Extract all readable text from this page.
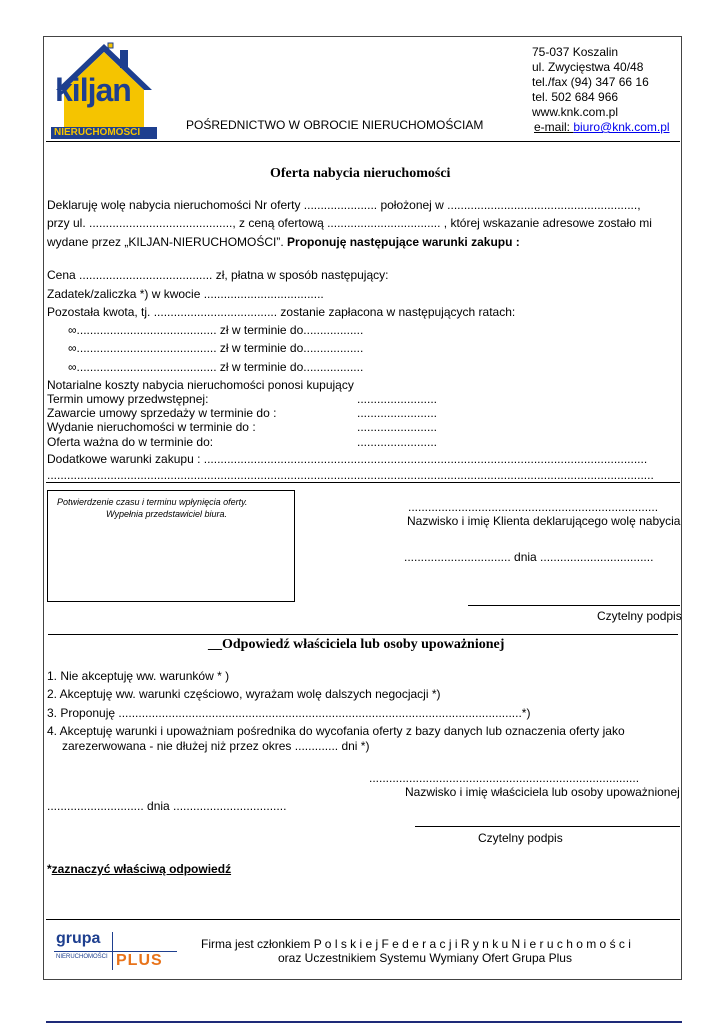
kiljan
NIERUCHOMOŚCI
POŚREDNICTWO W OBROCIE NIERUCHOMOŚCIAM
75-037 Koszalin
ul. Zwycięstwa 40/48
tel./fax (94) 347 66 16
tel. 502 684 966
www.knk.com.pl
e-mail: biuro@knk.com.pl
Oferta nabycia nieruchomości
Deklaruję wolę nabycia nieruchomości Nr oferty ...................... położonej w .........................................................,
przy ul. ..........................................., z ceną ofertową .................................. , której wskazanie adresowe zostało mi
wydane przez „KILJAN-NIERUCHOMOŚCI”. Proponuję następujące warunki zakupu :
Cena ........................................ zł, płatna w sposób następujący:
Zadatek/zaliczka *) w kwocie ....................................
Pozostała kwota, tj. ..................................... zostanie zapłacona w następujących ratach:
∞.......................................... zł w terminie do..................
∞.......................................... zł w terminie do..................
∞.......................................... zł w terminie do..................
Notarialne koszty nabycia nieruchomości ponosi kupujący
Termin umowy przedwstępnej:	........................
Zawarcie umowy sprzedaży w terminie do :	........................
Wydanie nieruchomości w terminie do :	........................
Oferta ważna do w terminie do:	........................
Dodatkowe warunki zakupu : .....................................................................................................................................
......................................................................................................................................................................................
Potwierdzenie czasu i terminu wpłynięcia oferty.
Wypełnia przedstawiciel biura.	...........................................................................
Nazwisko i imię Klienta deklarującego wolę nabycia
................................ dnia ..................................
Czytelny podpis
__Odpowiedź właściciela lub osoby upoważnionej
1. Nie akceptuję ww. warunków * )
2. Akceptuję ww. warunki częściowo, wyrażam wolę dalszych negocjacji *)
3. Proponuję .........................................................................................................................*)
4. Akceptuję warunki i upoważniam pośrednika do wycofania oferty z bazy danych lub oznaczenia oferty jako
zarezerwowana - nie dłużej niż przez okres ............. dni *)
.................................................................................
Nazwisko i imię właściciela lub osoby upoważnionej
............................. dnia ..................................
Czytelny podpis
*zaznaczyć właściwą odpowiedź
grupa
NIERUCHOMOŚCI PLUS
Firma jest członkiem P o l s k i e j F e d e r a c j i R y n k u N i e r u c h o m o ś c i
oraz Uczestnikiem Systemu Wymiany Ofert Grupa Plus
